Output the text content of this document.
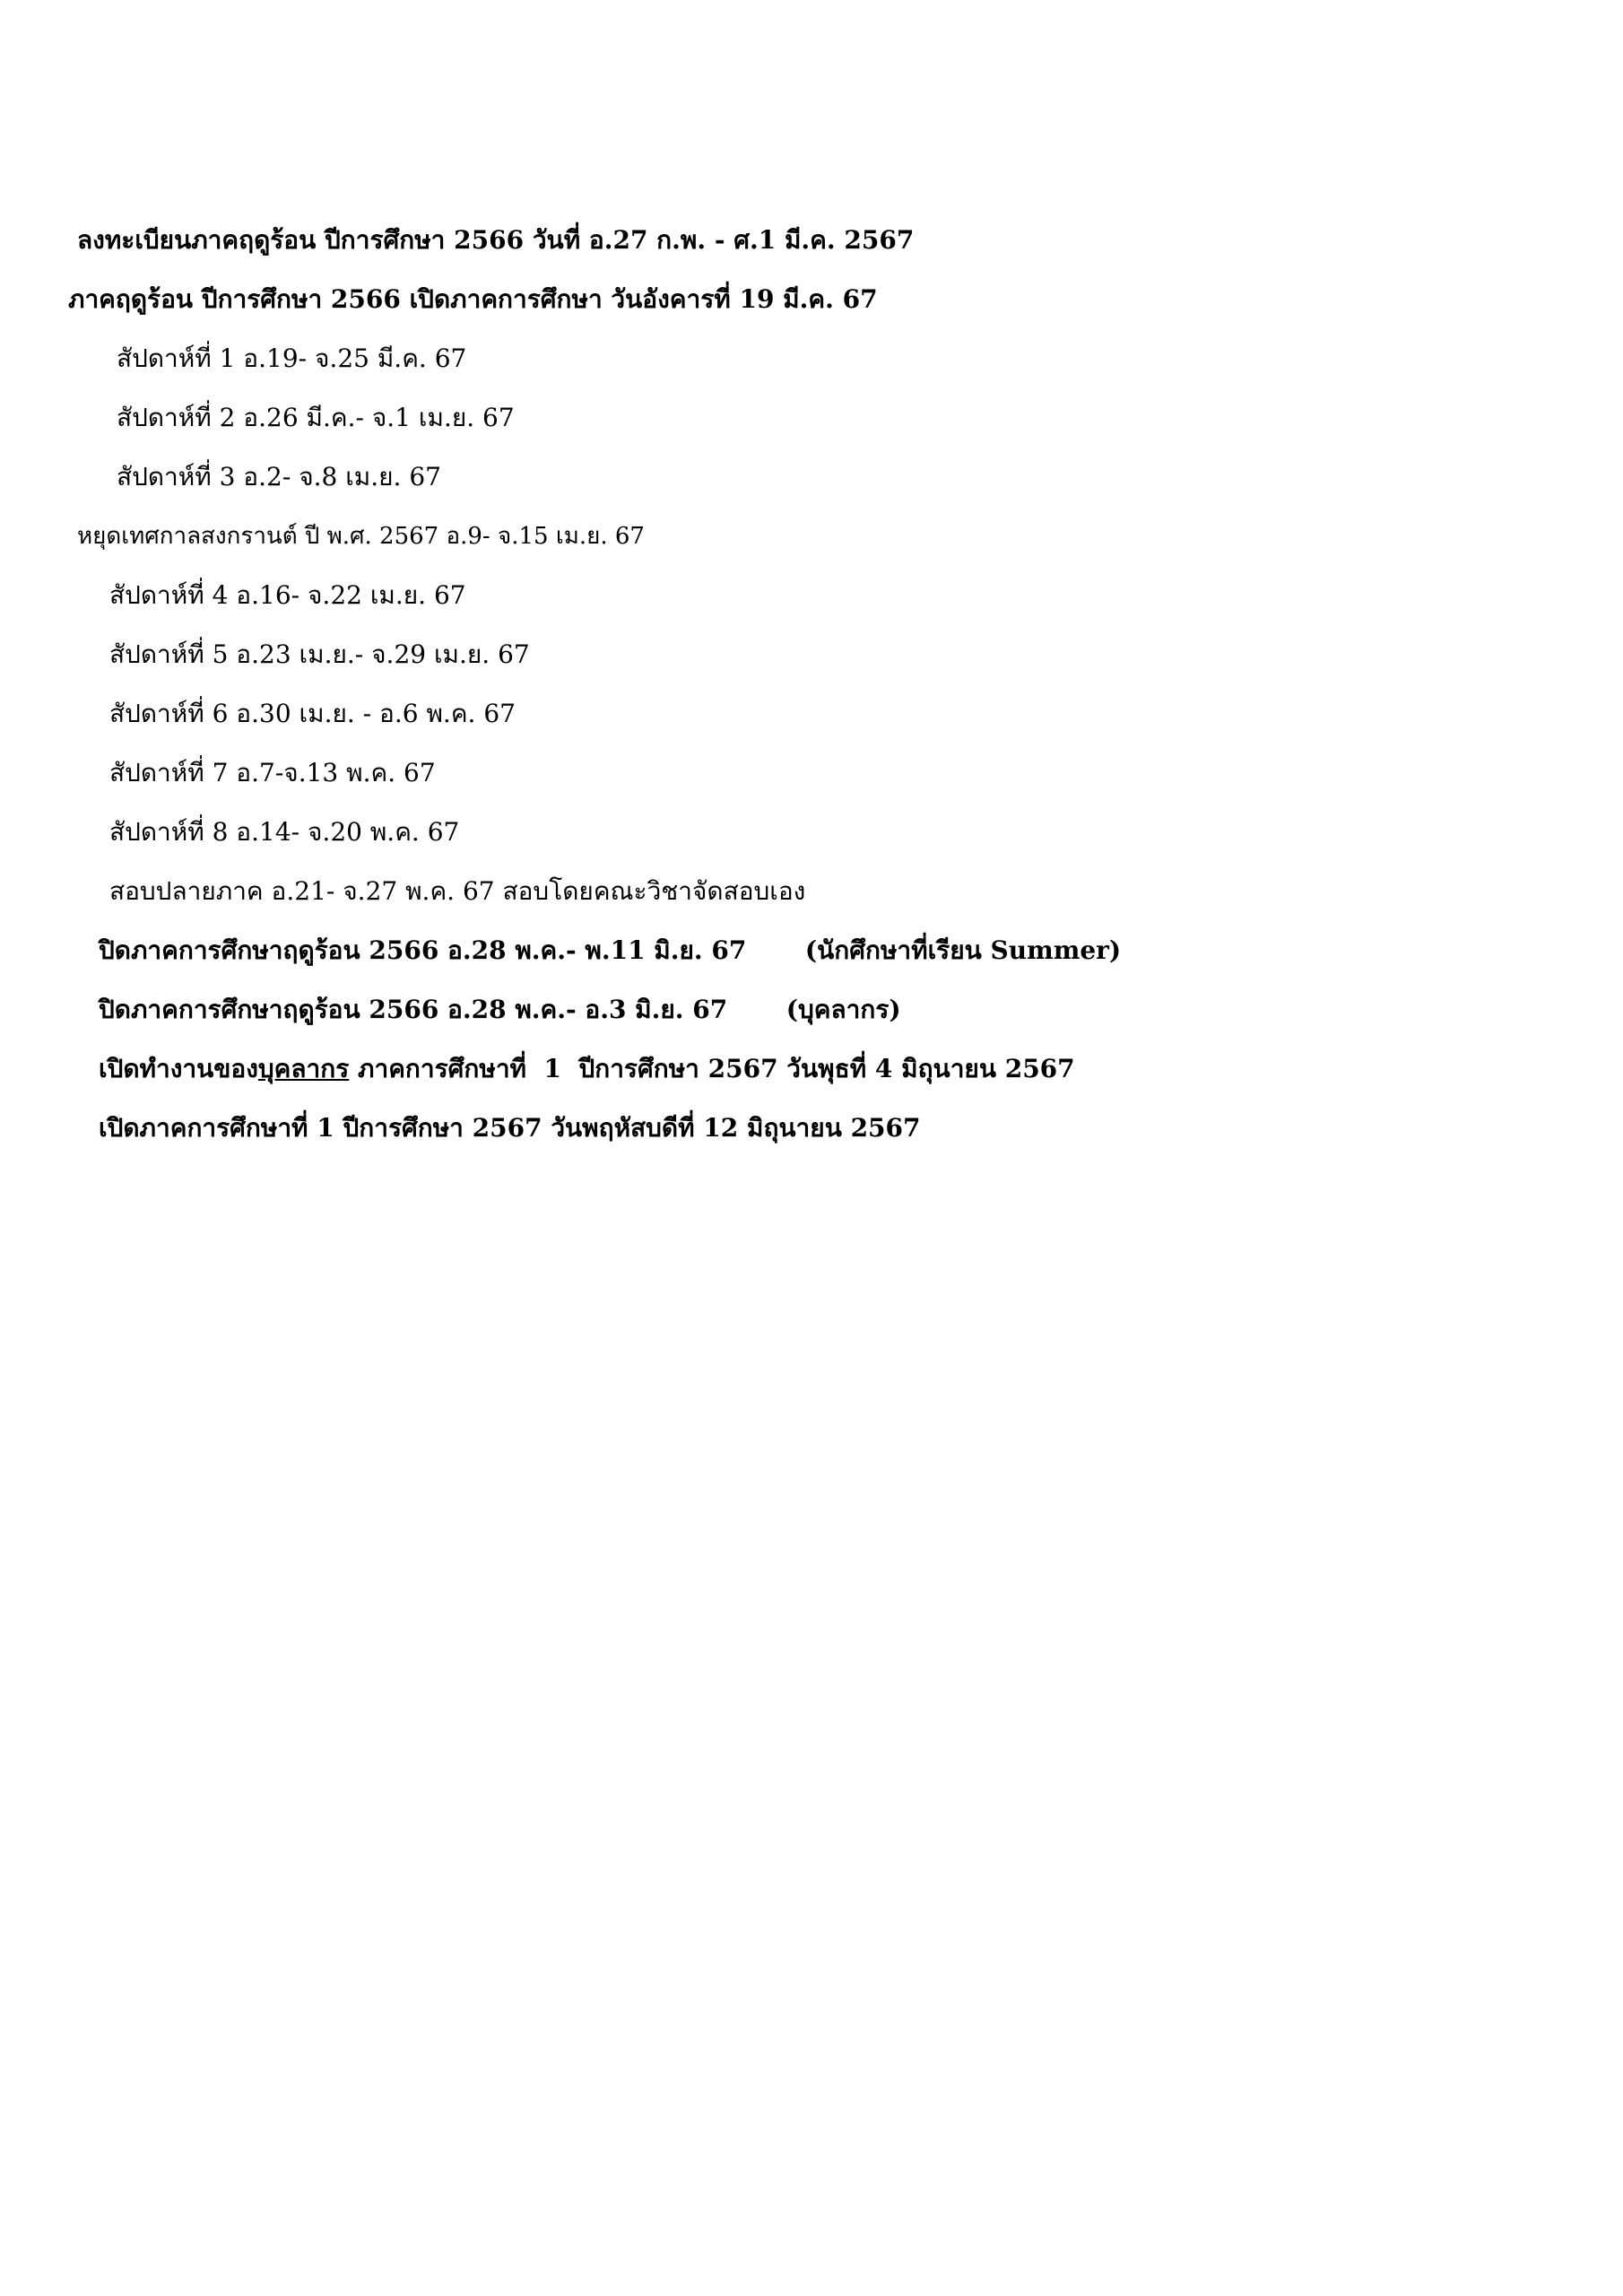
ลงทะเบียนภาคฤดูร้อน ปีการศึกษา 2566 วันที่ อ.27 ก.พ. - ศ.1 มี.ค. 2567
ภาคฤดูร้อน ปีการศึกษา 2566 เปิดภาคการศึกษา วันอังคารที่ 19 มี.ค. 67
สัปดาห์ที่ 1 อ.19- จ.25 มี.ค. 67
สัปดาห์ที่ 2 อ.26 มี.ค.- จ.1 เม.ย. 67
สัปดาห์ที่ 3 อ.2- จ.8 เม.ย. 67
หยุดเทศกาลสงกรานต์ ปี พ.ศ. 2567 อ.9- จ.15 เม.ย. 67
สัปดาห์ที่ 4 อ.16- จ.22 เม.ย. 67
สัปดาห์ที่ 5 อ.23 เม.ย.- จ.29 เม.ย. 67
สัปดาห์ที่ 6 อ.30 เม.ย. - อ.6 พ.ค. 67
สัปดาห์ที่ 7 อ.7-จ.13 พ.ค. 67
สัปดาห์ที่ 8 อ.14- จ.20 พ.ค. 67
สอบปลายภาค อ.21- จ.27 พ.ค. 67 สอบโดยคณะวิชาจัดสอบเอง
ปิดภาคการศึกษาฤดูร้อน 2566 อ.28 พ.ค.- พ.11 มิ.ย. 67 (นักศึกษาที่เรียน Summer)
ปิดภาคการศึกษาฤดูร้อน 2566 อ.28 พ.ค.- อ.3 มิ.ย. 67 (บุคลากร)
เปิดทำงานของบุคลากร ภาคการศึกษาที่  1  ปีการศึกษา 2567 วันพุธที่ 4 มิถุนายน 2567
เปิดภาคการศึกษาที่ 1 ปีการศึกษา 2567 วันพฤหัสบดีที่ 12 มิถุนายน 2567
